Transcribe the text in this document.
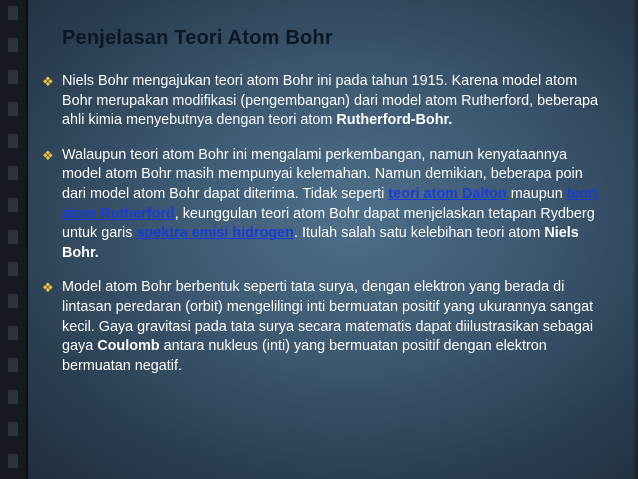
Penjelasan Teori Atom Bohr
❖ Niels Bohr mengajukan teori atom Bohr ini pada tahun 1915. Karena model atom Bohr merupakan modifikasi (pengembangan) dari model atom Rutherford, beberapa ahli kimia menyebutnya dengan teori atom Rutherford-Bohr.
❖ Walaupun teori atom Bohr ini mengalami perkembangan, namun kenyataannya model atom Bohr masih mempunyai kelemahan. Namun demikian, beberapa poin dari model atom Bohr dapat diterima. Tidak seperti teori atom Dalton maupun teori atom Rutherford, keunggulan teori atom Bohr dapat menjelaskan tetapan Rydberg untuk garis spektra emisi hidrogen. Itulah salah satu kelebihan teori atom Niels Bohr.
❖ Model atom Bohr berbentuk seperti tata surya, dengan elektron yang berada di lintasan peredaran (orbit) mengelilingi inti bermuatan positif yang ukurannya sangat kecil. Gaya gravitasi pada tata surya secara matematis dapat diilustrasikan sebagai gaya Coulomb antara nukleus (inti) yang bermuatan positif dengan elektron bermuatan negatif.
